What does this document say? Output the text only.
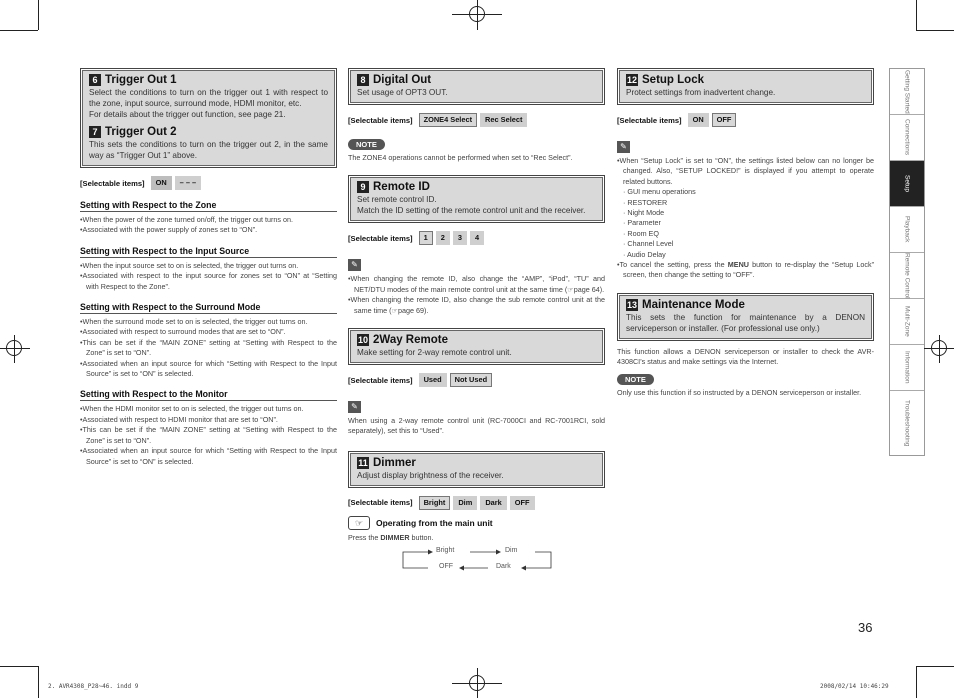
6 Trigger Out 1

Select the conditions to turn on the trigger out 1 with respect to the zone, input source, surround mode, HDMI monitor, etc.

For details about the trigger out function, see page 21.

7 Trigger Out 2

This sets the conditions to turn on the trigger out 2, in the same way as “Trigger Out 1” above.

[Selectable items]	ON	– – –
Setting with Respect to the Zone
• When the power of the zone turned on/off, the trigger out turns on.
• Associated with the power supply of zones set to “ON”.
Setting with Respect to the Input Source
• When the input source set to on is selected, the trigger out turns on.
• Associated with respect to the input source for zones set to “ON” at “Setting with Respect to the Zone”.
Setting with Respect to the Surround Mode
• When the surround mode set to on is selected, the trigger out turns on.
• Associated with respect to surround modes that are set to “ON”.
• This can be set if the “MAIN ZONE” setting at “Setting with Respect to the Zone” is set to “ON”.
• Associated when an input source for which “Setting with Respect to the Input Source” is set to “ON” is selected.
Setting with Respect to the Monitor
• When the HDMI monitor set to on is selected, the trigger out turns on.
• Associated with respect to HDMI monitor that are set to “ON”.
• This can be set if the “MAIN ZONE” setting at “Setting with Respect to the Zone” is set to “ON”.
• Associated when an input source for which “Setting with Respect to the Input Source” is set to “ON” is selected.
8 Digital Out

Set usage of OPT3 OUT.

[Selectable items]	ZONE4 Select	Rec Select
NOTE
The ZONE4 operations cannot be performed when set to “Rec Select”.
9 Remote ID

Set remote control ID.

Match the ID setting of the remote control unit and the receiver.

[Selectable items]	1	2	3	4
✎
• When changing the remote ID, also change the “AMP”, “iPod”, “TU” and NET/DTU modes of the main remote control unit at the same time (☞page 64).
• When changing the remote ID, also change the sub remote control unit at the same time (☞page 69).
10 2Way Remote

Make setting for 2-way remote control unit.

[Selectable items]	Used	Not Used
✎
When using a 2-way remote control unit (RC-7000CI and RC-7001RCI, sold separately), set this to “Used”.
11 Dimmer

Adjust display brightness of the receiver.

[Selectable items]	Bright	Dim	Dark	OFF
☞	Operating from the main unit
Press the DIMMER button.
Bright	Dim
OFF	Dark
12 Setup Lock

Protect settings from inadvertent change.

[Selectable items]	ON	OFF
✎
• When “Setup Lock” is set to “ON”, the settings listed below can no longer be changed. Also, “SETUP LOCKED!” is displayed if you attempt to operate related buttons.
· GUI menu operations
· RESTORER
· Night Mode
· Parameter
· Room EQ
· Channel Level
· Audio Delay
• To cancel the setting, press the MENU button to re-display the “Setup Lock” screen, then change the setting to “OFF”.
13 Maintenance Mode

This sets the function for maintenance by a DENON serviceperson or installer. (For professional use only.)

This function allows a DENON serviceperson or installer to check the AVR-4308CI’s status and make settings via the Internet.
NOTE
Only use this function if so instructed by a DENON serviceperson or installer.
Getting Started
Connections
Setup
Playback
Remote Control
Multi-Zone
Information
Troubleshooting
36
2. AVR4308_P28~46. indd 9	2008/02/14 10:46:29
